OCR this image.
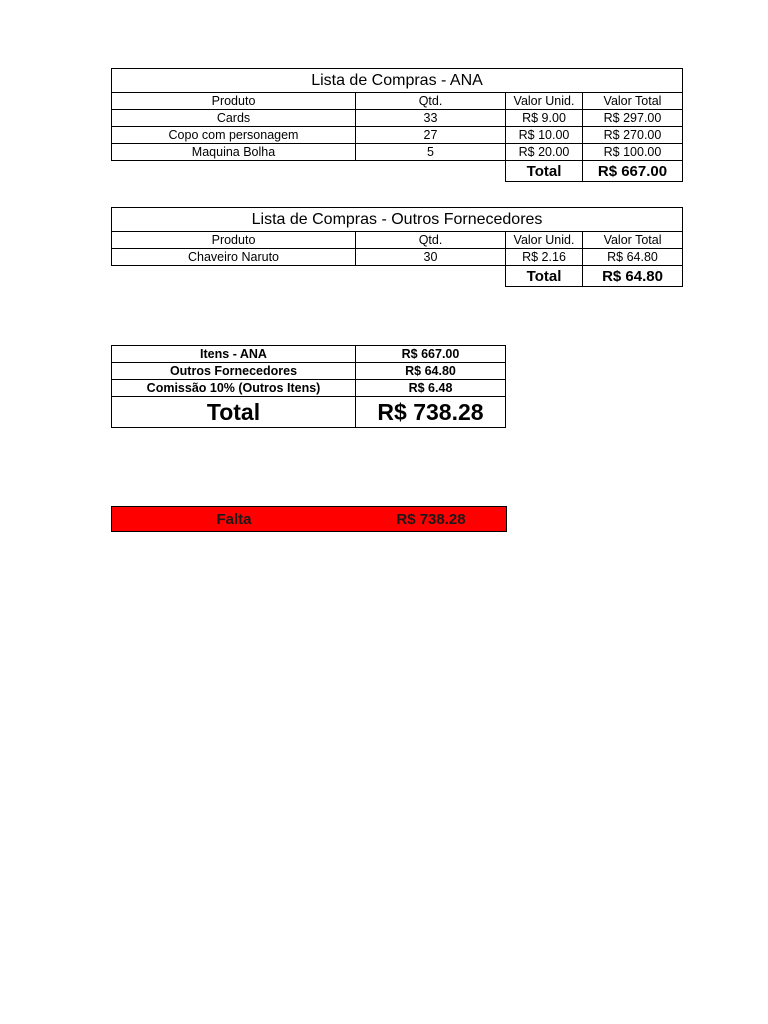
Lista de Compras - ANA			
Produto	Qtd.	Valor Unid.	Valor Total
Cards	33	R$ 9.00	R$ 297.00
Copo com personagem	27	R$ 10.00	R$ 270.00
Maquina Bolha	5	R$ 20.00	R$ 100.00
		Total	R$ 667.00
Lista de Compras - Outros Fornecedores			
Produto	Qtd.	Valor Unid.	Valor Total
Chaveiro Naruto	30	R$ 2.16	R$ 64.80
		Total	R$ 64.80
Itens - ANA	R$ 667.00
Outros Fornecedores	R$ 64.80
Comissão 10% (Outros Itens)	R$ 6.48
Total	R$ 738.28
Falta	R$ 738.28
